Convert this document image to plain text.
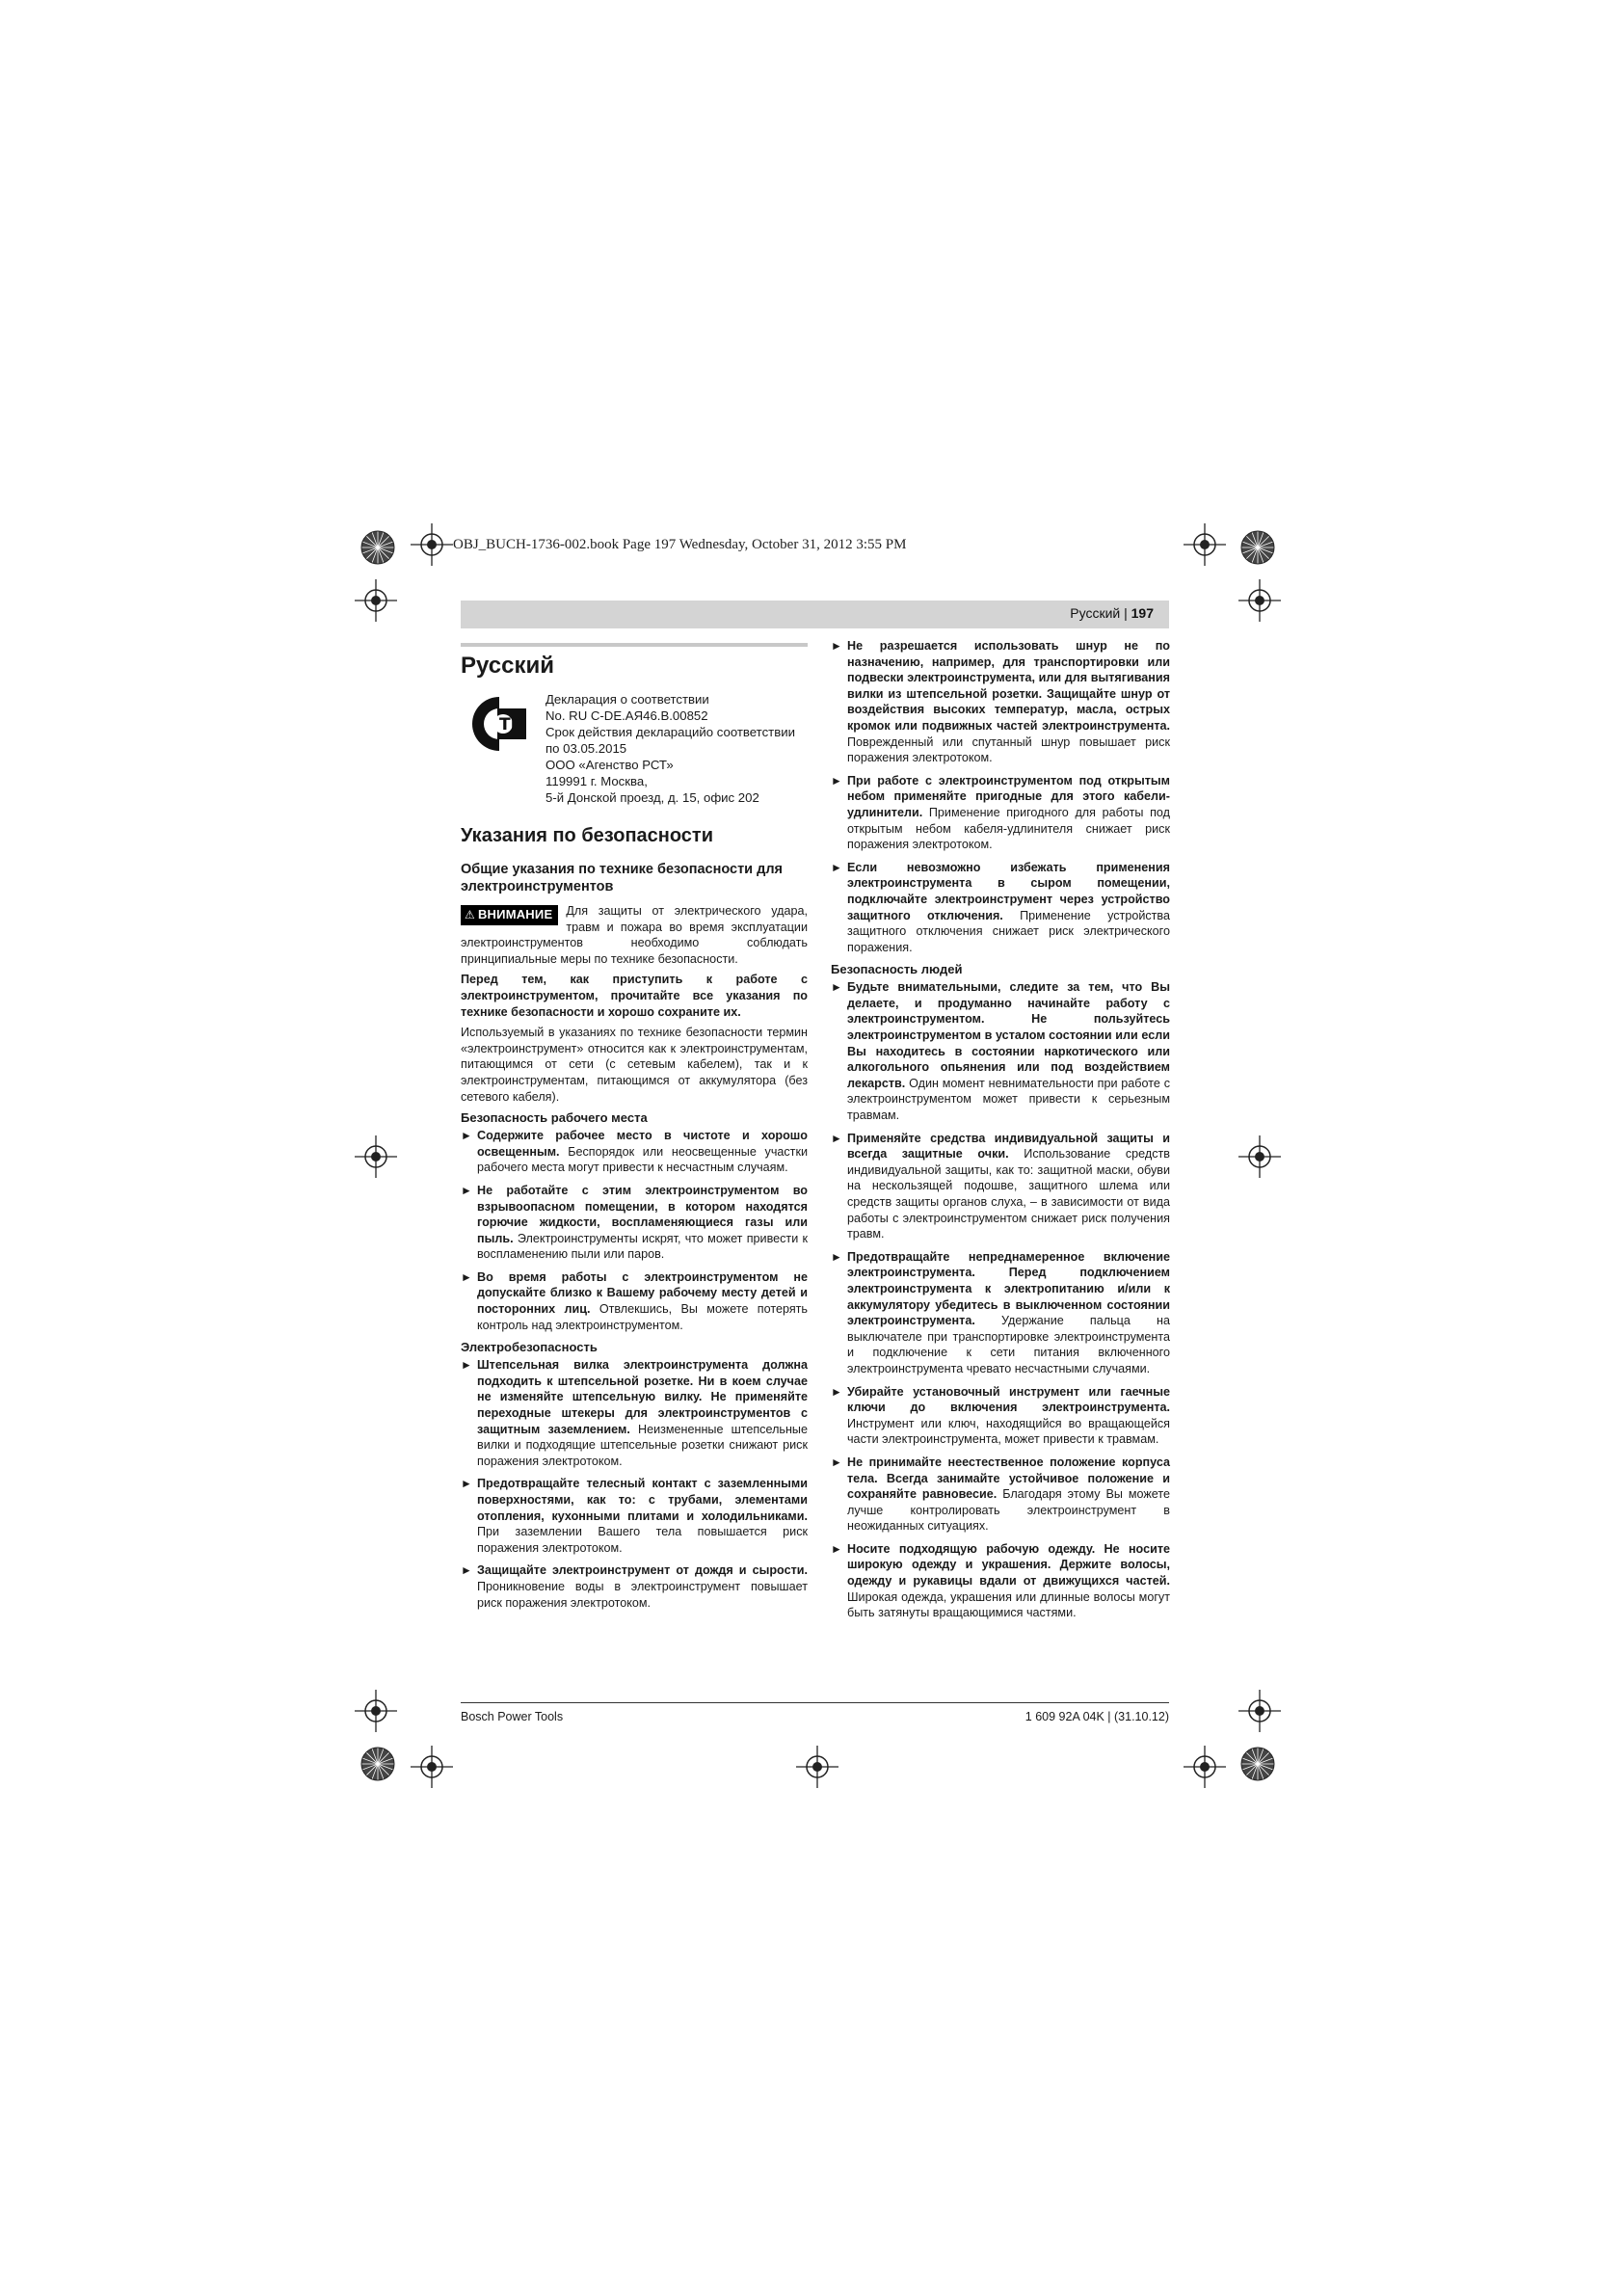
OBJ_BUCH-1736-002.book Page 197 Wednesday, October 31, 2012 3:55 PM
Русский | 197
Русский
ТР
Декларация о соответствии
No. RU C-DE.АЯ46.В.00852
Срок действия декларацийо соответствии
по 03.05.2015
ООО «Агенство РСТ»
119991 г. Москва,
5-й Донской проезд, д. 15, офис 202
Указания по безопасности
Общие указания по технике безопасности для электроинструментов
⚠ ВНИМАНИЕ	Для защиты от электрического удара, травм и пожара во время эксплуатации электроинструментов необходимо соблюдать принципиальные меры по технике безопасности.

Перед тем, как приступить к работе с электроинструментом, прочитайте все указания по технике безопасности и хорошо сохраните их.

Используемый в указаниях по технике безопасности термин «электроинструмент» относится как к электроинструментам, питающимся от сети (с сетевым кабелем), так и к электроинструментам, питающимся от аккумулятора (без сетевого кабеля).

Безопасность рабочего места
► Содержите рабочее место в чистоте и хорошо освещенным. Беспорядок или неосвещенные участки рабочего места могут привести к несчастным случаям.
► Не работайте с этим электроинструментом во взрывоопасном помещении, в котором находятся горючие жидкости, воспламеняющиеся газы или пыль. Электроинструменты искрят, что может привести к воспламенению пыли или паров.
► Во время работы с электроинструментом не допускайте близко к Вашему рабочему месту детей и посторонних лиц. Отвлекшись, Вы можете потерять контроль над электроинструментом.
Электробезопасность
► Штепсельная вилка электроинструмента должна подходить к штепсельной розетке. Ни в коем случае не изменяйте штепсельную вилку. Не применяйте переходные штекеры для электроинструментов с защитным заземлением. Неизмененные штепсельные вилки и подходящие штепсельные розетки снижают риск поражения электротоком.
► Предотвращайте телесный контакт с заземленными поверхностями, как то: с трубами, элементами отопления, кухонными плитами и холодильниками. При заземлении Вашего тела повышается риск поражения электротоком.
► Защищайте электроинструмент от дождя и сырости. Проникновение воды в электроинструмент повышает риск поражения электротоком.
► Не разрешается использовать шнур не по назначению, например, для транспортировки или подвески электроинструмента, или для вытягивания вилки из штепсельной розетки. Защищайте шнур от воздействия высоких температур, масла, острых кромок или подвижных частей электроинструмента. Поврежденный или спутанный шнур повышает риск поражения электротоком.
► При работе с электроинструментом под открытым небом применяйте пригодные для этого кабели-удлинители. Применение пригодного для работы под открытым небом кабеля-удлинителя снижает риск поражения электротоком.
► Если невозможно избежать применения электроинструмента в сыром помещении, подключайте электроинструмент через устройство защитного отключения. Применение устройства защитного отключения снижает риск электрического поражения.
Безопасность людей
► Будьте внимательными, следите за тем, что Вы делаете, и продуманно начинайте работу с электроинструментом. Не пользуйтесь электроинструментом в усталом состоянии или если Вы находитесь в состоянии наркотического или алкогольного опьянения или под воздействием лекарств. Один момент невнимательности при работе с электроинструментом может привести к серьезным травмам.
► Применяйте средства индивидуальной защиты и всегда защитные очки. Использование средств индивидуальной защиты, как то: защитной маски, обуви на нескользящей подошве, защитного шлема или средств защиты органов слуха, – в зависимости от вида работы с электроинструментом снижает риск получения травм.
► Предотвращайте непреднамеренное включение электроинструмента. Перед подключением электроинструмента к электропитанию и/или к аккумулятору убедитесь в выключенном состоянии электроинструмента. Удержание пальца на выключателе при транспортировке электроинструмента и подключение к сети питания включенного электроинструмента чревато несчастными случаями.
► Убирайте установочный инструмент или гаечные ключи до включения электроинструмента. Инструмент или ключ, находящийся во вращающейся части электроинструмента, может привести к травмам.
► Не принимайте неестественное положение корпуса тела. Всегда занимайте устойчивое положение и сохраняйте равновесие. Благодаря этому Вы можете лучше контролировать электроинструмент в неожиданных ситуациях.
► Носите подходящую рабочую одежду. Не носите широкую одежду и украшения. Держите волосы, одежду и рукавицы вдали от движущихся частей. Широкая одежда, украшения или длинные волосы могут быть затянуты вращающимися частями.
Bosch Power Tools	1 609 92A 04K | (31.10.12)
